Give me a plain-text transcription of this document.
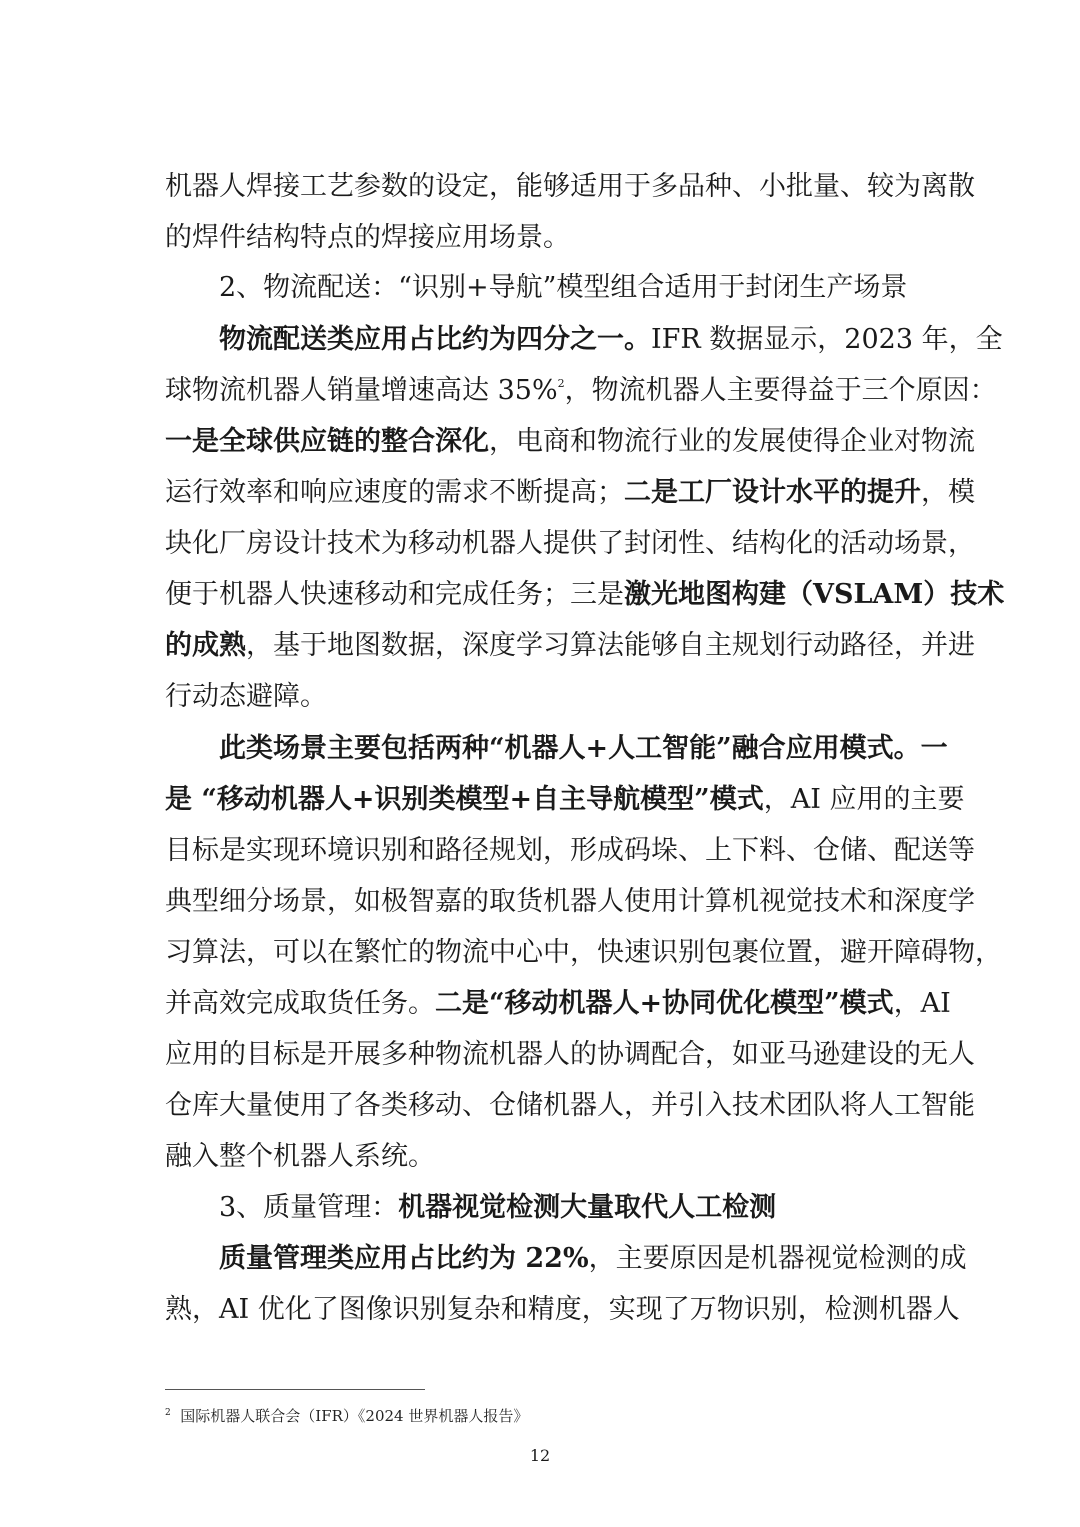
机器人焊接工艺参数的设定，能够适用于多品种、小批量、较为离散
的焊件结构特点的焊接应用场景。
2、物流配送：“识别+导航”模型组合适用于封闭生产场景
物流配送类应用占比约为四分之一。IFR 数据显示，2023 年，全
球物流机器人销量增速高达 35%$^2$，物流机器人主要得益于三个原因：
一是全球供应链的整合深化，电商和物流行业的发展使得企业对物流
运行效率和响应速度的需求不断提高；二是工厂设计水平的提升，模
块化厂房设计技术为移动机器人提供了封闭性、结构化的活动场景，
便于机器人快速移动和完成任务；三是激光地图构建（VSLAM）技术
的成熟，基于地图数据，深度学习算法能够自主规划行动路径，并进
行动态避障。
此类场景主要包括两种“机器人+人工智能”融合应用模式。一
是 “移动机器人+识别类模型+自主导航模型”模式，AI 应用的主要
目标是实现环境识别和路径规划，形成码垛、上下料、仓储、配送等
典型细分场景，如极智嘉的取货机器人使用计算机视觉技术和深度学
习算法，可以在繁忙的物流中心中，快速识别包裹位置，避开障碍物，
并高效完成取货任务。二是“移动机器人+协同优化模型”模式，AI
应用的目标是开展多种物流机器人的协调配合，如亚马逊建设的无人
仓库大量使用了各类移动、仓储机器人，并引入技术团队将人工智能
融入整个机器人系统。
3、质量管理：机器视觉检测大量取代人工检测
质量管理类应用占比约为 22%，主要原因是机器视觉检测的成
熟，AI 优化了图像识别复杂和精度，实现了万物识别，检测机器人
$^2$ 国际机器人联合会（IFR）《2024 世界机器人报告》
12
